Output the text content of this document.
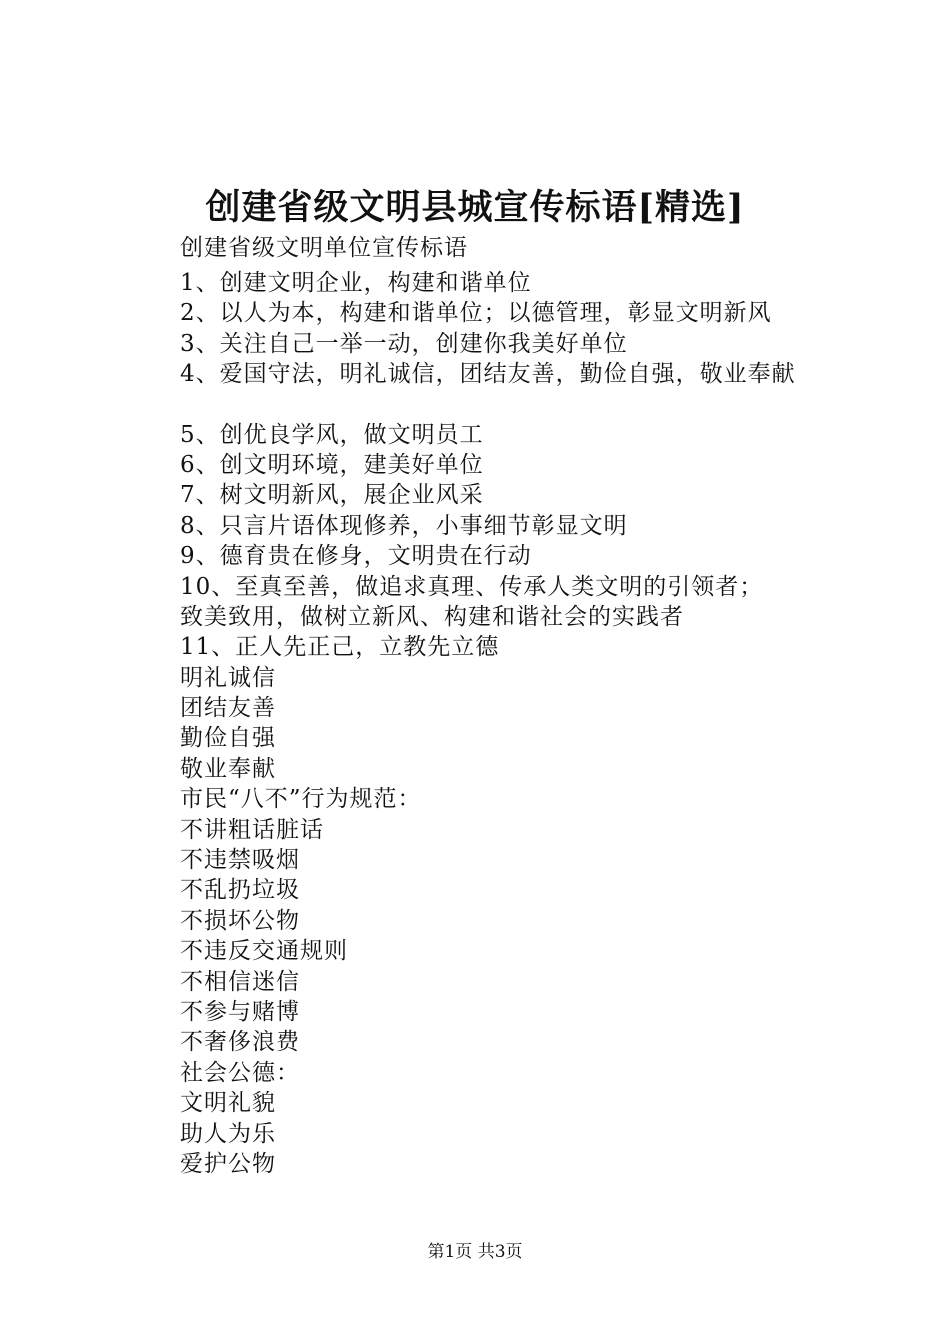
创建省级文明县城宣传标语[精选]
创建省级文明单位宣传标语
1、创建文明企业，构建和谐单位
2、以人为本，构建和谐单位；以德管理，彰显文明新风
3、关注自己一举一动，创建你我美好单位
4、爱国守法，明礼诚信，团结友善，勤俭自强，敬业奉献
5、创优良学风，做文明员工
6、创文明环境，建美好单位
7、树文明新风，展企业风采
8、只言片语体现修养，小事细节彰显文明
9、德育贵在修身，文明贵在行动
10、至真至善，做追求真理、传承人类文明的引领者；
致美致用，做树立新风、构建和谐社会的实践者
11、正人先正己，立教先立德
明礼诚信
团结友善
勤俭自强
敬业奉献
市民“八不”行为规范：
不讲粗话脏话
不违禁吸烟
不乱扔垃圾
不损坏公物
不违反交通规则
不相信迷信
不参与赌博
不奢侈浪费
社会公德：
文明礼貌
助人为乐
爱护公物
第1页 共3页
